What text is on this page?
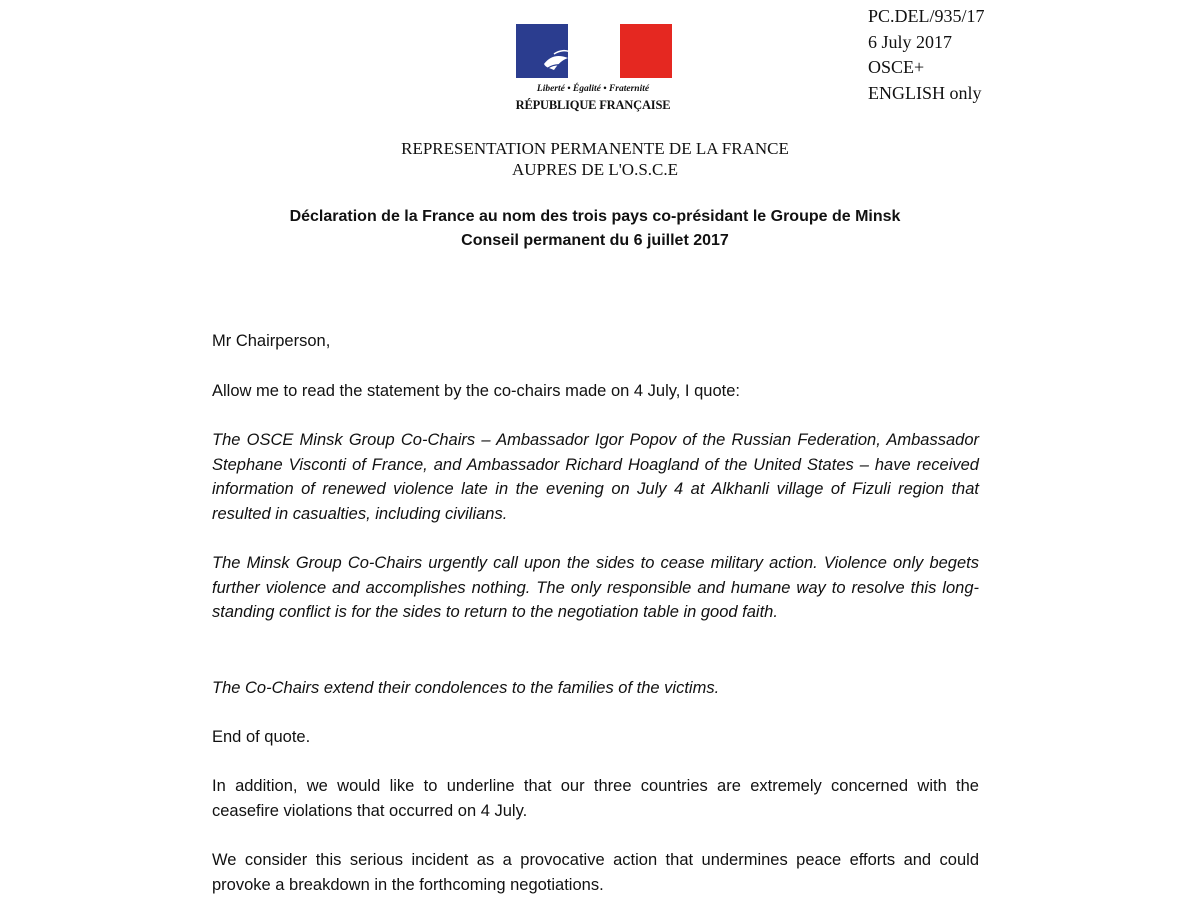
PC.DEL/935/17
6 July 2017
OSCE+
ENGLISH only
Liberté • Égalité • Fraternité
RÉPUBLIQUE FRANÇAISE
REPRESENTATION PERMANENTE DE LA FRANCE
AUPRES DE L'O.S.C.E
Déclaration de la France au nom des trois pays co-présidant le Groupe de Minsk
Conseil permanent du 6 juillet 2017
Mr Chairperson,
Allow me to read the statement by the co-chairs made on 4 July, I quote:
The OSCE Minsk Group Co-Chairs – Ambassador Igor Popov of the Russian Federation, Ambassador Stephane Visconti of France, and Ambassador Richard Hoagland of the United States – have received information of renewed violence late in the evening on July 4 at Alkhanli village of Fizuli region that resulted in casualties, including civilians.
The Minsk Group Co-Chairs urgently call upon the sides to cease military action. Violence only begets further violence and accomplishes nothing. The only responsible and humane way to resolve this long-standing conflict is for the sides to return to the negotiation table in good faith.
The Co-Chairs extend their condolences to the families of the victims.
End of quote.
In addition, we would like to underline that our three countries are extremely concerned with the ceasefire violations that occurred on 4 July.
We consider this serious incident as a provocative action that undermines peace efforts and could provoke a breakdown in the forthcoming negotiations.
